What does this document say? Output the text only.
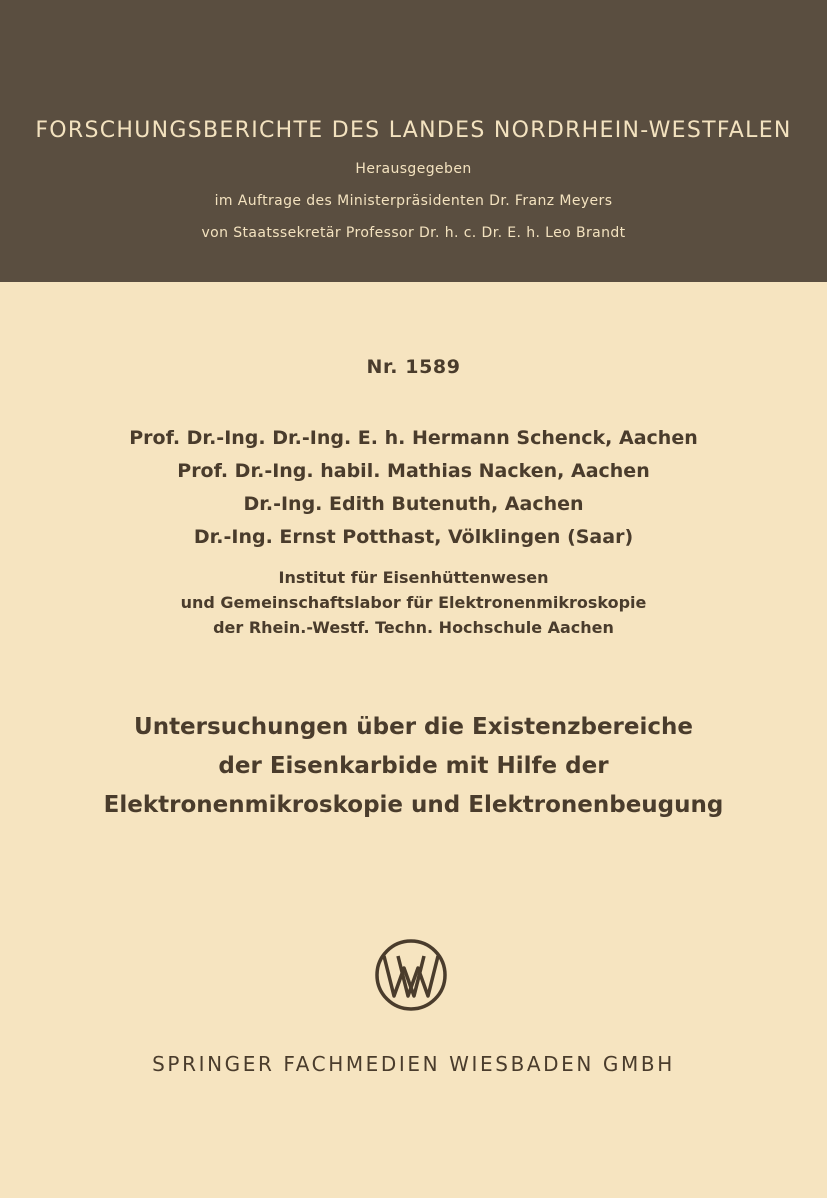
FORSCHUNGSBERICHTE DES LANDES NORDRHEIN-WESTFALEN
Herausgegeben
im Auftrage des Ministerpräsidenten Dr. Franz Meyers
von Staatssekretär Professor Dr. h. c. Dr. E. h. Leo Brandt
Nr. 1589
Prof. Dr.-Ing. Dr.-Ing. E. h. Hermann Schenck, Aachen
Prof. Dr.-Ing. habil. Mathias Nacken, Aachen
Dr.-Ing. Edith Butenuth, Aachen
Dr.-Ing. Ernst Potthast, Völklingen (Saar)
Institut für Eisenhüttenwesen
und Gemeinschaftslabor für Elektronenmikroskopie
der Rhein.-Westf. Techn. Hochschule Aachen
Untersuchungen über die Existenzbereiche
der Eisenkarbide mit Hilfe der
Elektronenmikroskopie und Elektronenbeugung
SPRINGER FACHMEDIEN WIESBADEN GMBH
